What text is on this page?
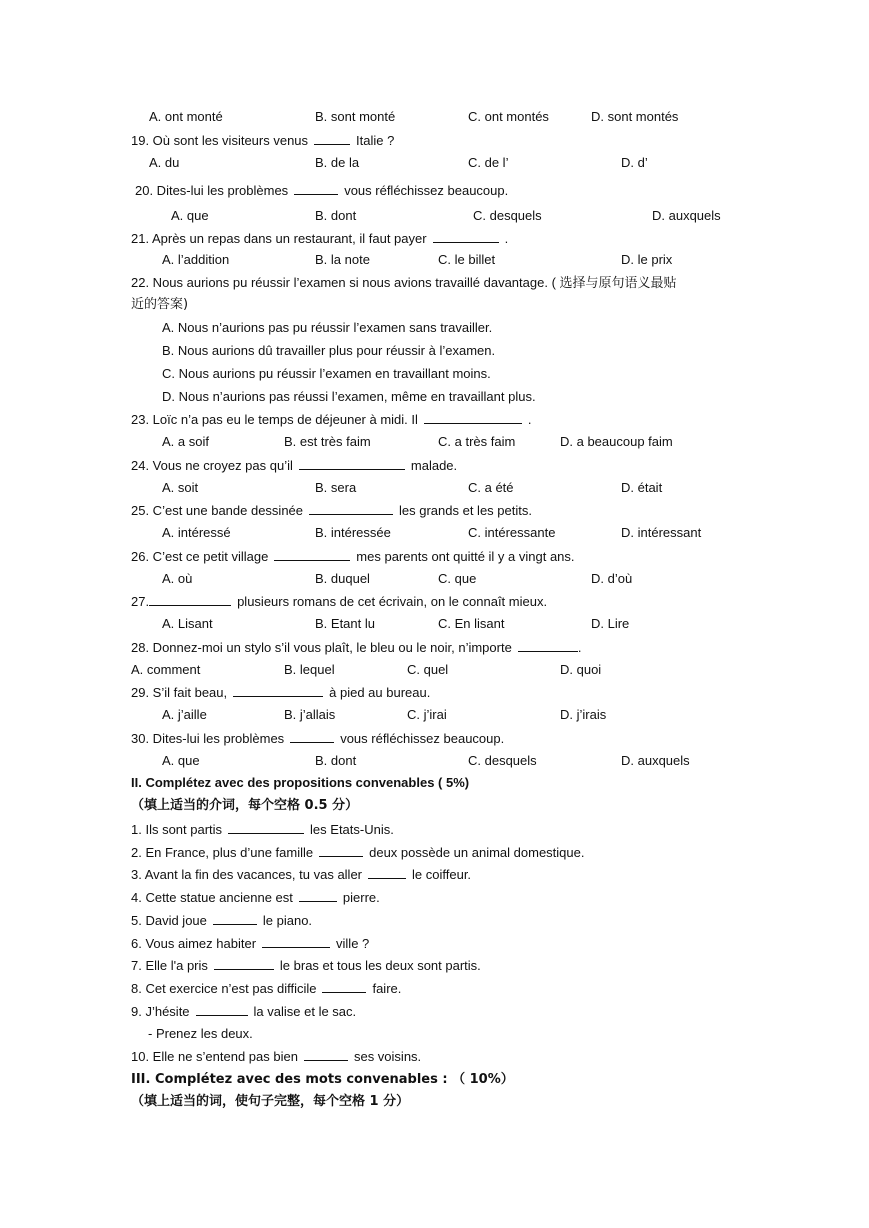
A. ont monté	B. sont monté	C. ont montés	D. sont montés
19. Où sont les visiteurs venus	Italie ?
A. du	B. de la	C. de l’	D. d’
20. Dites-lui les problèmes	vous réfléchissez beaucoup.
A. que	B. dont	C. desquels	D. auxquels
21. Après un repas dans un restaurant, il faut payer	.
A. l’addition	B. la note	C. le billet	D. le prix
22. Nous aurions pu réussir l’examen si nous avions travaillé davantage. ( 选择与原句语义最贴
近的答案)
A. Nous n’aurions pas pu réussir l’examen sans travailler.
B. Nous aurions dû travailler plus pour réussir à l’examen.
C. Nous aurions pu réussir l’examen en travaillant moins.
D. Nous n’aurions pas réussi l’examen, même en travaillant plus.
23. Loïc n’a pas eu le temps de déjeuner à midi. Il	.
A. a soif	B. est très faim	C. a très faim	D. a beaucoup faim
24. Vous ne croyez pas qu’il	malade.
A. soit	B. sera	C. a été	D. était
25. C’est une bande dessinée	les grands et les petits.
A. intéressé	B. intéressée	C. intéressante	D. intéressant
26. C’est ce petit village	mes parents ont quitté il y a vingt ans.
A. où	B. duquel	C. que	D. d’où
27.	plusieurs romans de cet écrivain, on le connaît mieux.
A. Lisant	B. Etant lu	C. En lisant	D. Lire
28. Donnez-moi un stylo s’il vous plaît, le bleu ou le noir, n’importe	.
A. comment	B. lequel	C. quel	D. quoi
29. S’il fait beau,	à pied au bureau.
A. j’aille	B. j’allais	C. j’irai	D. j’irais
30. Dites-lui les problèmes	vous réfléchissez beaucoup.
A. que	B. dont	C. desquels	D. auxquels
II. Complétez avec des propositions convenables ( 5%)
（填上适当的介词，每个空格 0.5 分）
1. Ils sont partis	les Etats-Unis.
2. En France, plus d’une famille	deux possède un animal domestique.
3. Avant la fin des vacances, tu vas aller	le coiffeur.
4. Cette statue ancienne est	pierre.
5. David joue	le piano.
6. Vous aimez habiter	ville ?
7. Elle l'a pris	le bras et tous les deux sont partis.
8. Cet exercice n’est pas difficile	faire.
9. J’hésite	la valise et le sac.
- Prenez les deux.
10. Elle ne s’entend pas bien	ses voisins.
III. Complétez avec des mots convenables : （ 10%）
（填上适当的词，使句子完整，每个空格 1 分）
